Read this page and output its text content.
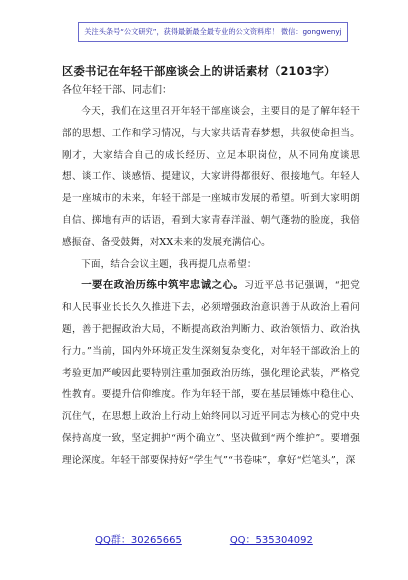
关注头条号“公文研究”，获得最新最全最专业的公文资料库！ 微信：gongwenyj
区委书记在年轻干部座谈会上的讲话素材（2103字）
各位年轻干部、同志们：

今天，我们在这里召开年轻干部座谈会，主要目的是了解年轻干部的思想、工作和学习情况，与大家共话青春梦想，共叙使命担当。刚才，大家结合自己的成长经历、立足本职岗位，从不同角度谈思想、谈工作、谈感悟、提建议，大家讲得都很好、很接地气。年轻人是一座城市的未来，年轻干部是一座城市发展的希望。听到大家明朗自信、掷地有声的话语，看到大家青春洋溢、朝气蓬勃的脸庞，我倍感振奋、备受鼓舞，对XX未来的发展充满信心。

下面，结合会议主题，我再提几点希望：

一要在政治历练中筑牢忠诚之心。习近平总书记强调，“把党和人民事业长长久久推进下去，必须增强政治意识善于从政治上看问题，善于把握政治大局，不断提高政治判断力、政治领悟力、政治执行力。”当前，国内外环境正发生深刻复杂变化，对年轻干部政治上的考验更加严峻因此要特别注重加强政治历练，强化理论武装，严格党性教育。要提升信仰维度。作为年轻干部，要在基层锤炼中稳住心、沉住气，在思想上政治上行动上始终同以习近平同志为核心的党中央保持高度一致，坚定拥护“两个确立”、坚决做到“两个维护”。要增强理论深度。年轻干部要保持好“学生气”“书卷味”，拿好“烂笔头”，深

QQ群：30265665	QQ：535304092
